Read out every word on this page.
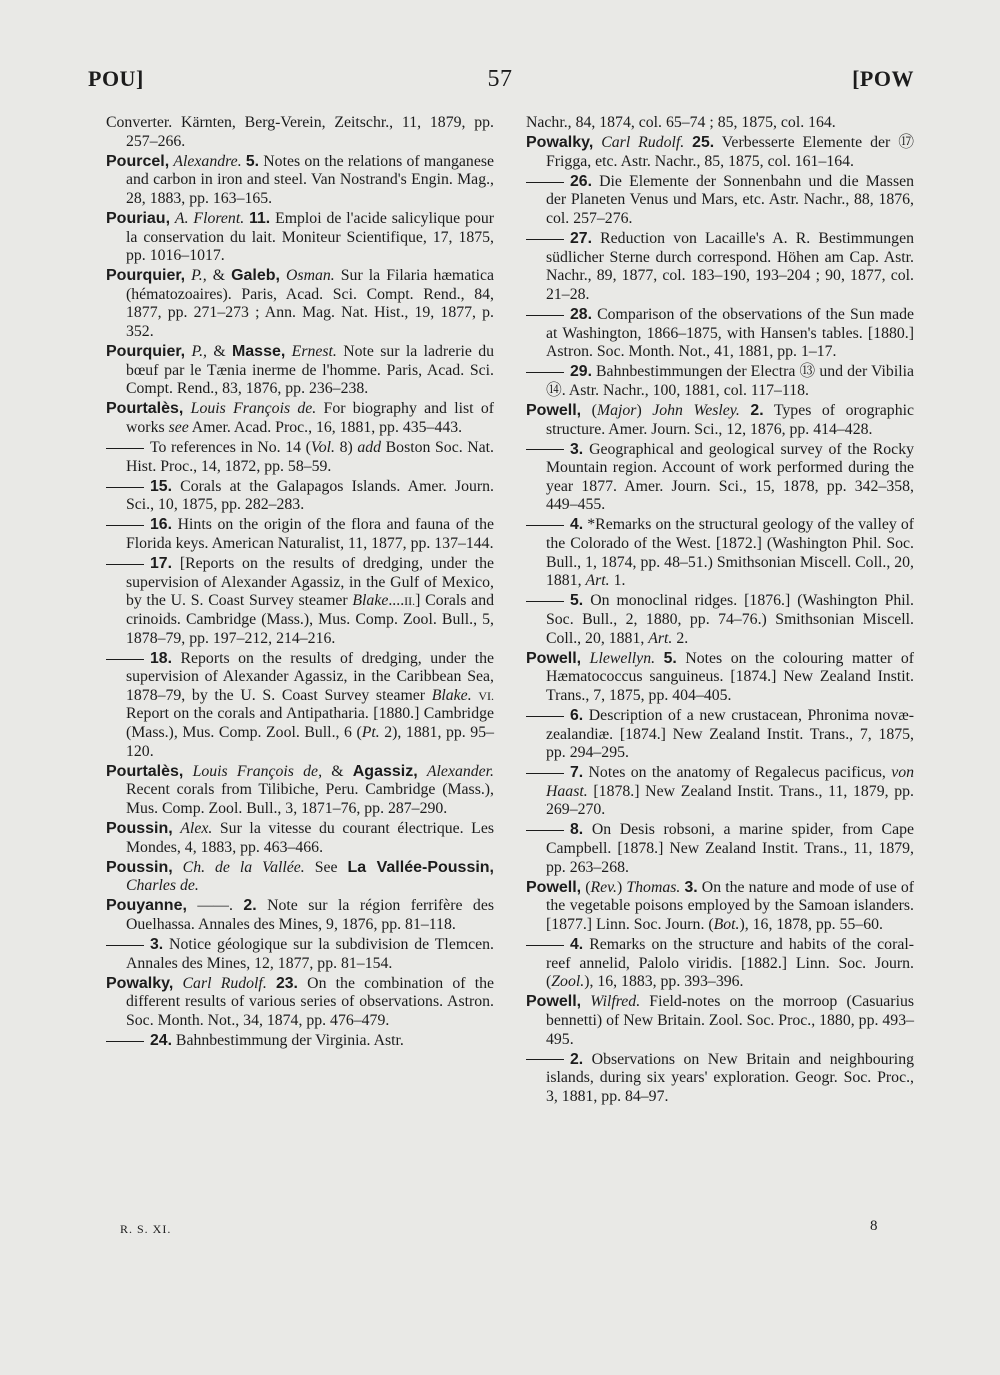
POU]	57	[POW

Converter. Kärnten, Berg-Verein, Zeitschr., 11, 1879, pp. 257–266.

Pourcel, Alexandre. 5. Notes on the relations of manganese and carbon in iron and steel. Van Nostrand's Engin. Mag., 28, 1883, pp. 163–165.

Pouriau, A. Florent. 11. Emploi de l'acide salicylique pour la conservation du lait. Moniteur Scientifique, 17, 1875, pp. 1016–1017.

Pourquier, P., & Galeb, Osman. Sur la Filaria hæmatica (hématozoaires). Paris, Acad. Sci. Compt. Rend., 84, 1877, pp. 271–273 ; Ann. Mag. Nat. Hist., 19, 1877, p. 352.

Pourquier, P., & Masse, Ernest. Note sur la ladrerie du bœuf par le Tænia inerme de l'homme. Paris, Acad. Sci. Compt. Rend., 83, 1876, pp. 236–238.

Pourtalès, Louis François de. For biography and list of works see Amer. Acad. Proc., 16, 1881, pp. 435–443.

To references in No. 14 (Vol. 8) add Boston Soc. Nat. Hist. Proc., 14, 1872, pp. 58–59.

15. Corals at the Galapagos Islands. Amer. Journ. Sci., 10, 1875, pp. 282–283.

16. Hints on the origin of the flora and fauna of the Florida keys. American Naturalist, 11, 1877, pp. 137–144.

17. [Reports on the results of dredging, under the supervision of Alexander Agassiz, in the Gulf of Mexico, by the U. S. Coast Survey steamer Blake....II.] Corals and crinoids. Cambridge (Mass.), Mus. Comp. Zool. Bull., 5, 1878–79, pp. 197–212, 214–216.

18. Reports on the results of dredging, under the supervision of Alexander Agassiz, in the Caribbean Sea, 1878–79, by the U. S. Coast Survey steamer Blake. VI. Report on the corals and Antipatharia. [1880.] Cambridge (Mass.), Mus. Comp. Zool. Bull., 6 (Pt. 2), 1881, pp. 95–120.

Pourtalès, Louis François de, & Agassiz, Alexander. Recent corals from Tilibiche, Peru. Cambridge (Mass.), Mus. Comp. Zool. Bull., 3, 1871–76, pp. 287–290.

Poussin, Alex. Sur la vitesse du courant électrique. Les Mondes, 4, 1883, pp. 463–466.

Poussin, Ch. de la Vallée. See La Vallée-Poussin, Charles de.

Pouyanne, ——. 2. Note sur la région ferrifère des Ouelhassa. Annales des Mines, 9, 1876, pp. 81–118.

3. Notice géologique sur la subdivision de Tlemcen. Annales des Mines, 12, 1877, pp. 81–154.

Powalky, Carl Rudolf. 23. On the combination of the different results of various series of observations. Astron. Soc. Month. Not., 34, 1874, pp. 476–479.

24. Bahnbestimmung der Virginia. Astr.

Nachr., 84, 1874, col. 65–74 ; 85, 1875, col. 164.

Powalky, Carl Rudolf. 25. Verbesserte Elemente der ⑰ Frigga, etc. Astr. Nachr., 85, 1875, col. 161–164.

26. Die Elemente der Sonnenbahn und die Massen der Planeten Venus und Mars, etc. Astr. Nachr., 88, 1876, col. 257–276.

27. Reduction von Lacaille's A. R. Bestimmungen südlicher Sterne durch correspond. Höhen am Cap. Astr. Nachr., 89, 1877, col. 183–190, 193–204 ; 90, 1877, col. 21–28.

28. Comparison of the observations of the Sun made at Washington, 1866–1875, with Hansen's tables. [1880.] Astron. Soc. Month. Not., 41, 1881, pp. 1–17.

29. Bahnbestimmungen der Electra ⑬ und der Vibilia ⑭. Astr. Nachr., 100, 1881, col. 117–118.

Powell, (Major) John Wesley. 2. Types of orographic structure. Amer. Journ. Sci., 12, 1876, pp. 414–428.

3. Geographical and geological survey of the Rocky Mountain region. Account of work performed during the year 1877. Amer. Journ. Sci., 15, 1878, pp. 342–358, 449–455.

4. *Remarks on the structural geology of the valley of the Colorado of the West. [1872.] (Washington Phil. Soc. Bull., 1, 1874, pp. 48–51.) Smithsonian Miscell. Coll., 20, 1881, Art. 1.

5. On monoclinal ridges. [1876.] (Washington Phil. Soc. Bull., 2, 1880, pp. 74–76.) Smithsonian Miscell. Coll., 20, 1881, Art. 2.

Powell, Llewellyn. 5. Notes on the colouring matter of Hæmatococcus sanguineus. [1874.] New Zealand Instit. Trans., 7, 1875, pp. 404–405.

6. Description of a new crustacean, Phronima novæ-zealandiæ. [1874.] New Zealand Instit. Trans., 7, 1875, pp. 294–295.

7. Notes on the anatomy of Regalecus pacificus, von Haast. [1878.] New Zealand Instit. Trans., 11, 1879, pp. 269–270.

8. On Desis robsoni, a marine spider, from Cape Campbell. [1878.] New Zealand Instit. Trans., 11, 1879, pp. 263–268.

Powell, (Rev.) Thomas. 3. On the nature and mode of use of the vegetable poisons employed by the Samoan islanders. [1877.] Linn. Soc. Journ. (Bot.), 16, 1878, pp. 55–60.

4. Remarks on the structure and habits of the coral-reef annelid, Palolo viridis. [1882.] Linn. Soc. Journ. (Zool.), 16, 1883, pp. 393–396.

Powell, Wilfred. Field-notes on the morroop (Casuarius bennetti) of New Britain. Zool. Soc. Proc., 1880, pp. 493–495.

2. Observations on New Britain and neighbouring islands, during six years' exploration. Geogr. Soc. Proc., 3, 1881, pp. 84–97.

R. S. XI.	8
